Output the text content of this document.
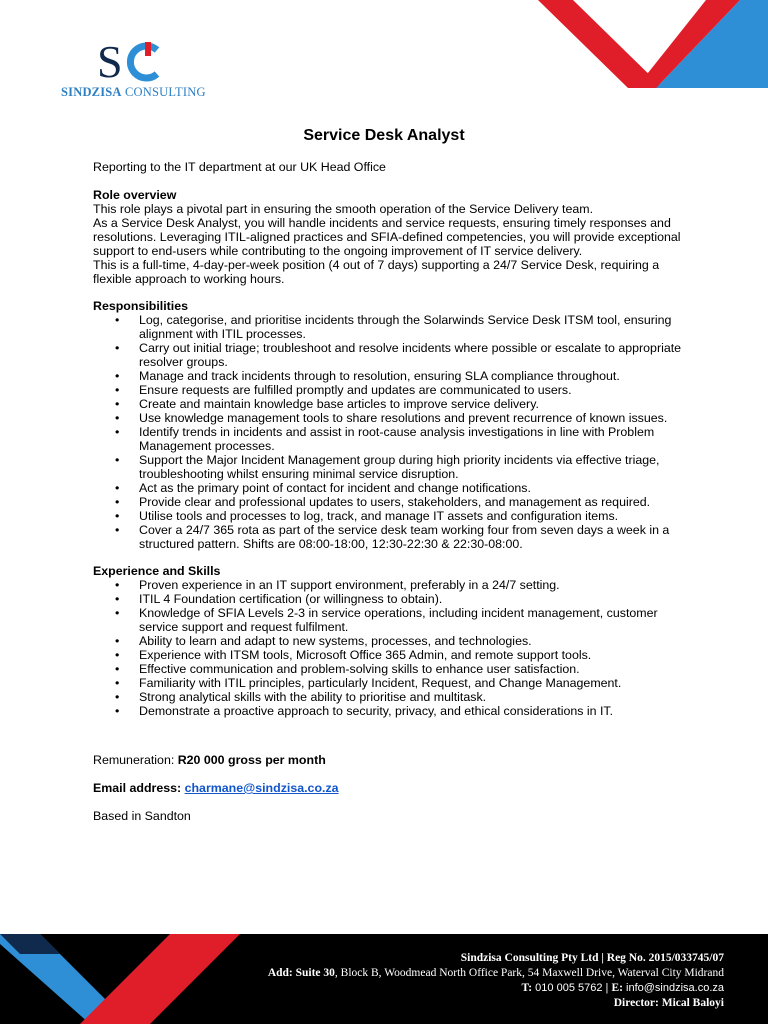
S
SINDZISA CONSULTING
Service Desk Analyst

Reporting to the IT department at our UK Head Office

Role overview

This role plays a pivotal part in ensuring the smooth operation of the Service Delivery team.

As a Service Desk Analyst, you will handle incidents and service requests, ensuring timely responses and resolutions. Leveraging ITIL-aligned practices and SFIA-defined competencies, you will provide exceptional support to end-users while contributing to the ongoing improvement of IT service delivery.

This is a full-time, 4-day-per-week position (4 out of 7 days) supporting a 24/7 Service Desk, requiring a flexible approach to working hours.

Responsibilities

• Log, categorise, and prioritise incidents through the Solarwinds Service Desk ITSM tool, ensuring alignment with ITIL processes.
• Carry out initial triage; troubleshoot and resolve incidents where possible or escalate to appropriate resolver groups.
• Manage and track incidents through to resolution, ensuring SLA compliance throughout.
• Ensure requests are fulfilled promptly and updates are communicated to users.
• Create and maintain knowledge base articles to improve service delivery.
• Use knowledge management tools to share resolutions and prevent recurrence of known issues.
• Identify trends in incidents and assist in root-cause analysis investigations in line with Problem Management processes.
• Support the Major Incident Management group during high priority incidents via effective triage, troubleshooting whilst ensuring minimal service disruption.
• Act as the primary point of contact for incident and change notifications.
• Provide clear and professional updates to users, stakeholders, and management as required.
• Utilise tools and processes to log, track, and manage IT assets and configuration items.
• Cover a 24/7 365 rota as part of the service desk team working four from seven days a week in a structured pattern. Shifts are 08:00-18:00, 12:30-22:30 & 22:30-08:00.

Experience and Skills

• Proven experience in an IT support environment, preferably in a 24/7 setting.
• ITIL 4 Foundation certification (or willingness to obtain).
• Knowledge of SFIA Levels 2-3 in service operations, including incident management, customer service support and request fulfilment.
• Ability to learn and adapt to new systems, processes, and technologies.
• Experience with ITSM tools, Microsoft Office 365 Admin, and remote support tools.
• Effective communication and problem-solving skills to enhance user satisfaction.
• Familiarity with ITIL principles, particularly Incident, Request, and Change Management.
• Strong analytical skills with the ability to prioritise and multitask.
• Demonstrate a proactive approach to security, privacy, and ethical considerations in IT.

Remuneration: R20 000 gross per month

Email address: charmane@sindzisa.co.za

Based in Sandton

Sindzisa Consulting Pty Ltd | Reg No. 2015/033745/07
Add: Suite 30, Block B, Woodmead North Office Park, 54 Maxwell Drive, Waterval City Midrand
T: 010 005 5762 | E: info@sindzisa.co.za
Director: Mical Baloyi
